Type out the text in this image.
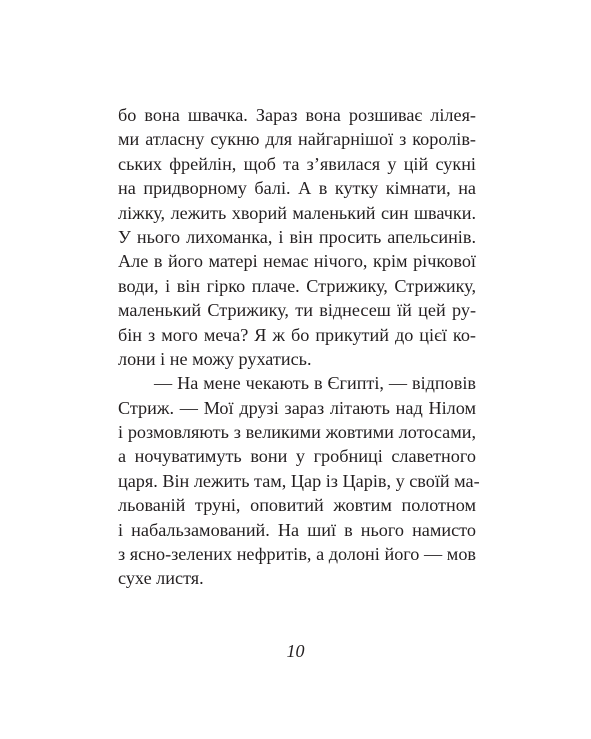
бо вона швачка. Зараз вона розшиває лілея-
ми атласну сукню для найгарнішої з королів-
ських фрейлін, щоб та з’явилася у цій сукні
на придворному балі. А в кутку кімнати, на
ліжку, лежить хворий маленький син швачки.
У нього лихоманка, і він просить апельсинів.
Але в його матері немає нічого, крім річкової
води, і він гірко плаче. Стрижику, Стрижику,
маленький Стрижику, ти віднесеш їй цей ру-
бін з мого меча? Я ж бо прикутий до цієї ко-
лони і не можу рухатись.
— На мене чекають в Єгипті, — відповів
Стриж. — Мої друзі зараз літають над Нілом
і розмовляють з великими жовтими лотосами,
а ночуватимуть вони у гробниці славетного
царя. Він лежить там, Цар із Царів, у своїй ма-
льованій труні, оповитий жовтим полотном
і набальзамований. На шиї в нього намисто
з ясно-зелених нефритів, а долоні його — мов
сухе листя.
10
